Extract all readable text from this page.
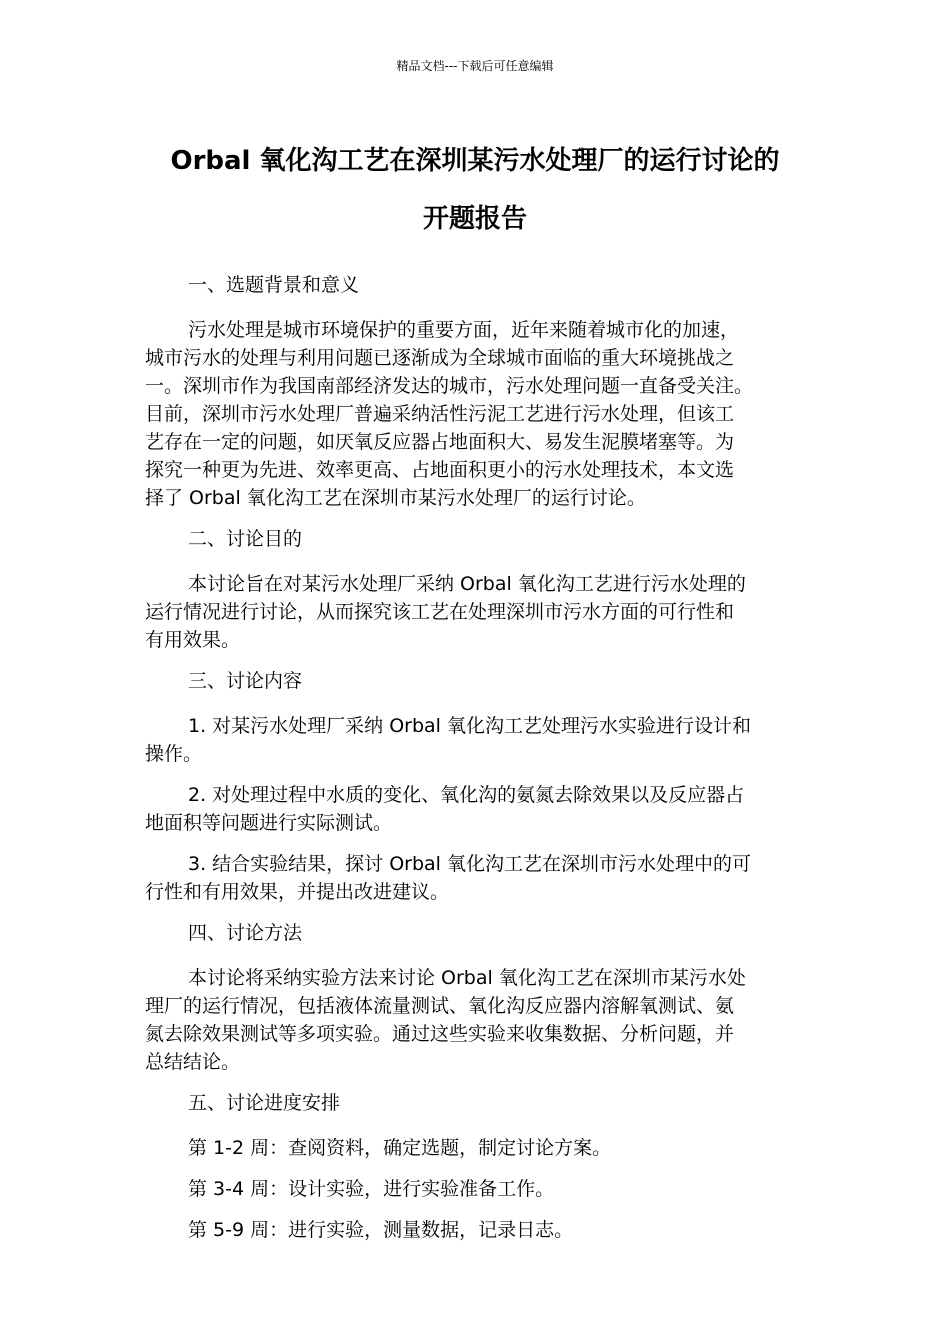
精品文档---下载后可任意编辑
Orbal 氧化沟工艺在深圳某污水处理厂的运行讨论的
开题报告
一、选题背景和意义

污水处理是城市环境保护的重要方面，近年来随着城市化的加速，
城市污水的处理与利用问题已逐渐成为全球城市面临的重大环境挑战之
一。深圳市作为我国南部经济发达的城市，污水处理问题一直备受关注。
目前，深圳市污水处理厂普遍采纳活性污泥工艺进行污水处理，但该工
艺存在一定的问题，如厌氧反应器占地面积大、易发生泥膜堵塞等。为
探究一种更为先进、效率更高、占地面积更小的污水处理技术，本文选
择了 Orbal 氧化沟工艺在深圳市某污水处理厂的运行讨论。

二、讨论目的

本讨论旨在对某污水处理厂采纳 Orbal 氧化沟工艺进行污水处理的
运行情况进行讨论，从而探究该工艺在处理深圳市污水方面的可行性和
有用效果。

三、讨论内容

1. 对某污水处理厂采纳 Orbal 氧化沟工艺处理污水实验进行设计和
操作。

2. 对处理过程中水质的变化、氧化沟的氨氮去除效果以及反应器占
地面积等问题进行实际测试。

3. 结合实验结果，探讨 Orbal 氧化沟工艺在深圳市污水处理中的可
行性和有用效果，并提出改进建议。

四、讨论方法

本讨论将采纳实验方法来讨论 Orbal 氧化沟工艺在深圳市某污水处
理厂的运行情况，包括液体流量测试、氧化沟反应器内溶解氧测试、氨
氮去除效果测试等多项实验。通过这些实验来收集数据、分析问题，并
总结结论。

五、讨论进度安排

第 1-2 周：查阅资料，确定选题，制定讨论方案。

第 3-4 周：设计实验，进行实验准备工作。

第 5-9 周：进行实验，测量数据，记录日志。
